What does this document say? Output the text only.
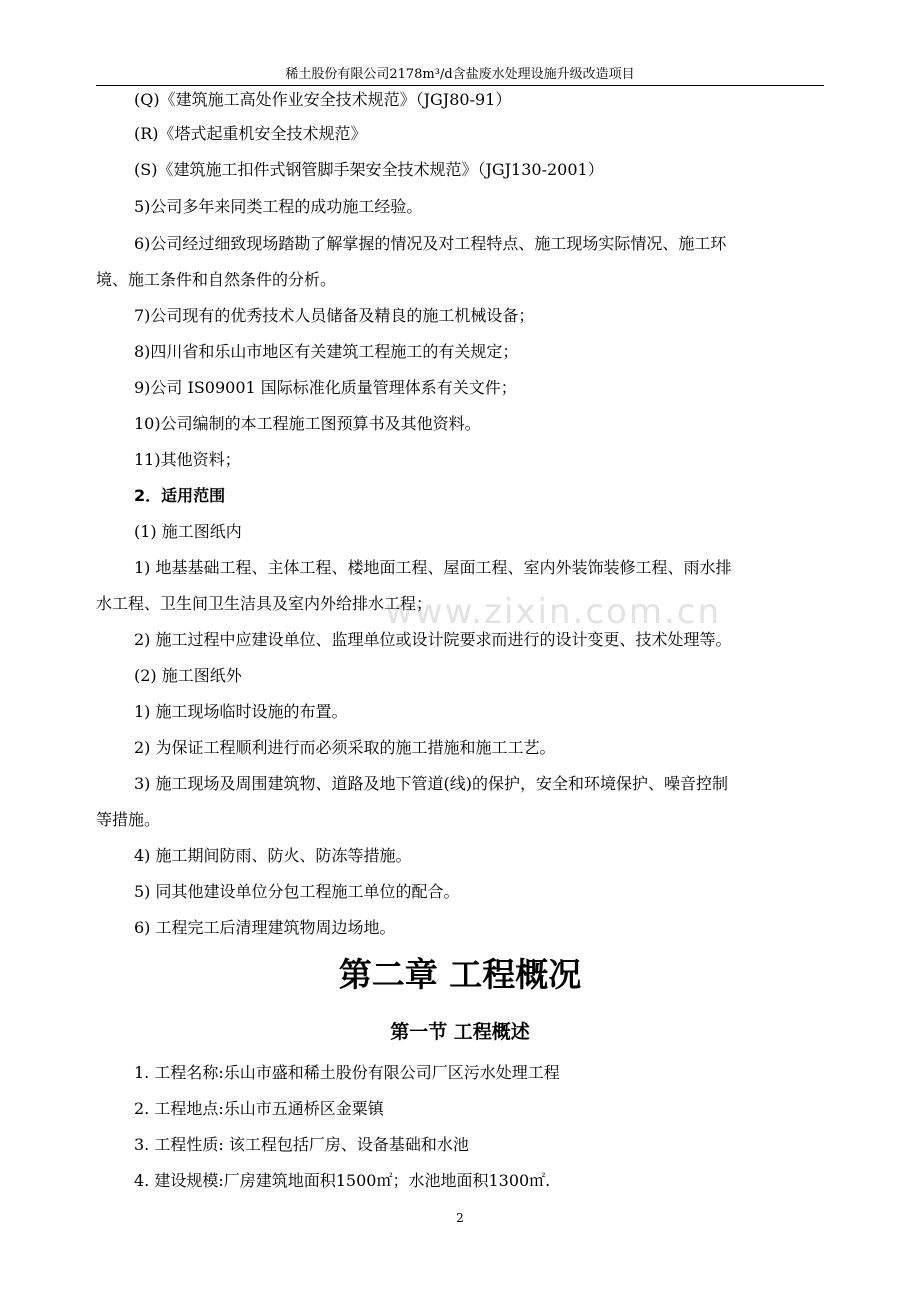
稀土股份有限公司2178m³/d含盐废水处理设施升级改造项目
www.zixin.com.cn
(Q)《建筑施工高处作业安全技术规范》（JGJ80-91）
(R)《塔式起重机安全技术规范》
(S)《建筑施工扣件式钢管脚手架安全技术规范》（JGJ130-2001）
5)公司多年来同类工程的成功施工经验。
6)公司经过细致现场踏勘了解掌握的情况及对工程特点、施工现场实际情况、施工环
境、施工条件和自然条件的分析。
7)公司现有的优秀技术人员储备及精良的施工机械设备；
8)四川省和乐山市地区有关建筑工程施工的有关规定；
9)公司 IS09001 国际标准化质量管理体系有关文件；
10)公司编制的本工程施工图预算书及其他资料。
11)其他资料；
2．适用范围
(1) 施工图纸内
1) 地基基础工程、主体工程、楼地面工程、屋面工程、室内外装饰装修工程、雨水排
水工程、卫生间卫生洁具及室内外给排水工程；
2) 施工过程中应建设单位、监理单位或设计院要求而进行的设计变更、技术处理等。
(2) 施工图纸外
1) 施工现场临时设施的布置。
2) 为保证工程顺利进行而必须采取的施工措施和施工工艺。
3) 施工现场及周围建筑物、道路及地下管道(线)的保护，安全和环境保护、噪音控制
等措施。
4) 施工期间防雨、防火、防冻等措施。
5) 同其他建设单位分包工程施工单位的配合。
6) 工程完工后清理建筑物周边场地。
第二章 工程概况
第一节 工程概述
1. 工程名称:乐山市盛和稀土股份有限公司厂区污水处理工程
2. 工程地点:乐山市五通桥区金粟镇
3. 工程性质: 该工程包括厂房、设备基础和水池
4. 建设规模:厂房建筑地面积1500㎡；水池地面积1300㎡.
2
